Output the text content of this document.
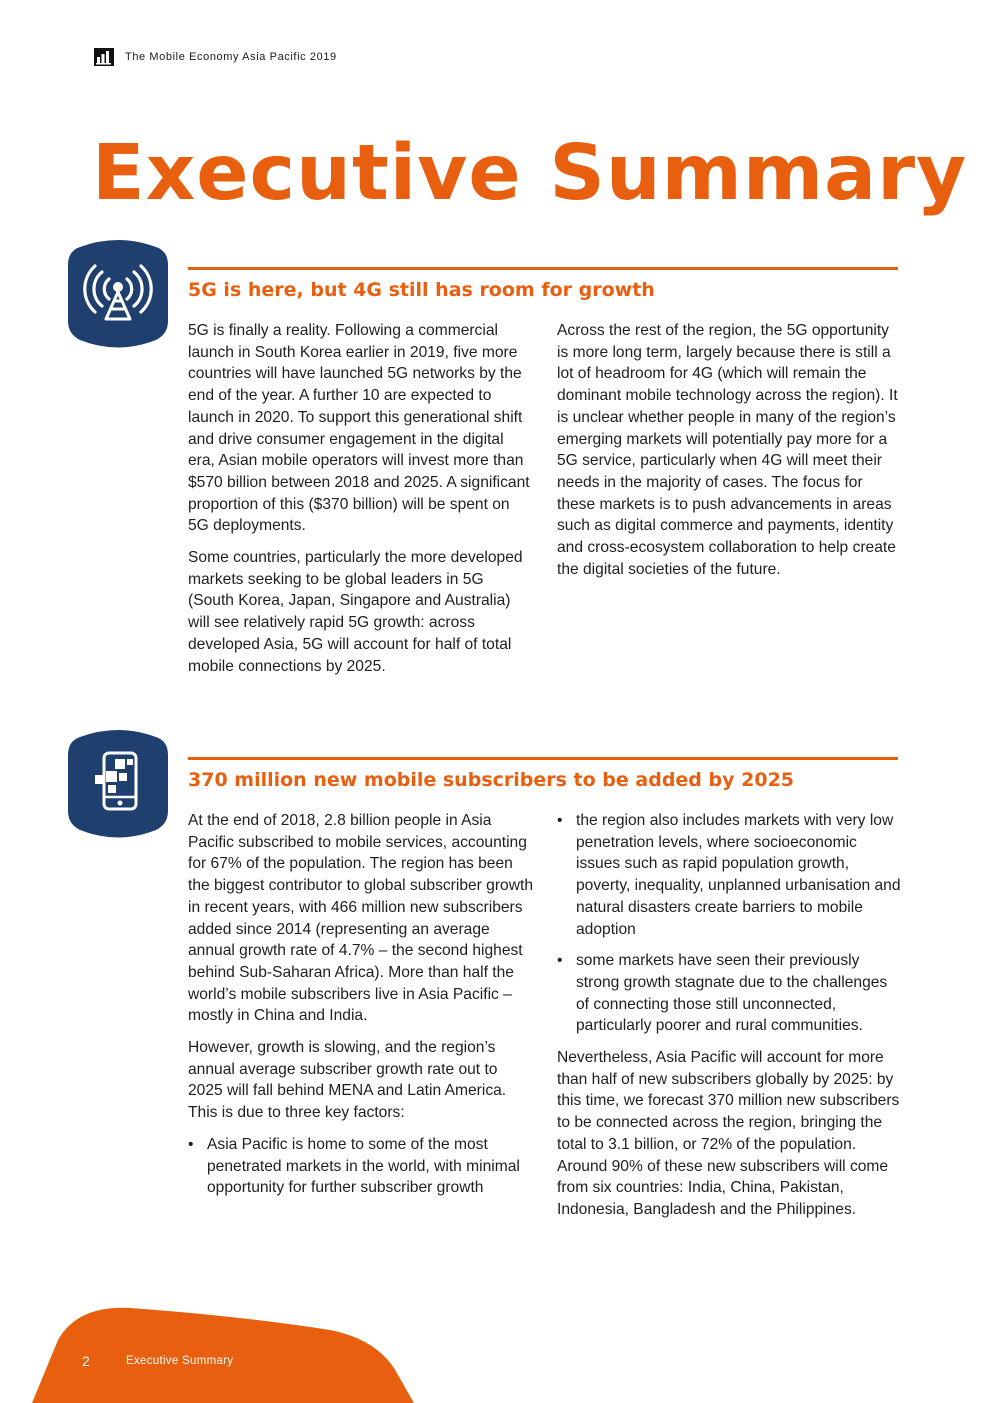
The Mobile Economy Asia Pacific 2019
Executive Summary
5G is here, but 4G still has room for growth

5G is finally a reality. Following a commercial launch in South Korea earlier in 2019, five more countries will have launched 5G networks by the end of the year. A further 10 are expected to launch in 2020. To support this generational shift and drive consumer engagement in the digital era, Asian mobile operators will invest more than $570 billion between 2018 and 2025. A significant proportion of this ($370 billion) will be spent on 5G deployments.

Some countries, particularly the more developed markets seeking to be global leaders in 5G (South Korea, Japan, Singapore and Australia) will see relatively rapid 5G growth: across developed Asia, 5G will account for half of total mobile connections by 2025.

Across the rest of the region, the 5G opportunity is more long term, largely because there is still a lot of headroom for 4G (which will remain the dominant mobile technology across the region). It is unclear whether people in many of the region’s emerging markets will potentially pay more for a 5G service, particularly when 4G will meet their needs in the majority of cases. The focus for these markets is to push advancements in areas such as digital commerce and payments, identity and cross-ecosystem collaboration to help create the digital societies of the future.

370 million new mobile subscribers to be added by 2025

At the end of 2018, 2.8 billion people in Asia Pacific subscribed to mobile services, accounting for 67% of the population. The region has been the biggest contributor to global subscriber growth in recent years, with 466 million new subscribers added since 2014 (representing an average annual growth rate of 4.7% – the second highest behind Sub-Saharan Africa). More than half the world’s mobile subscribers live in Asia Pacific – mostly in China and India.

However, growth is slowing, and the region’s annual average subscriber growth rate out to 2025 will fall behind MENA and Latin America. This is due to three key factors:

• Asia Pacific is home to some of the most penetrated markets in the world, with minimal opportunity for further subscriber growth
• the region also includes markets with very low penetration levels, where socioeconomic issues such as rapid population growth, poverty, inequality, unplanned urbanisation and natural disasters create barriers to mobile adoption
• some markets have seen their previously strong growth stagnate due to the challenges of connecting those still unconnected, particularly poorer and rural communities.

Nevertheless, Asia Pacific will account for more than half of new subscribers globally by 2025: by this time, we forecast 370 million new subscribers to be connected across the region, bringing the total to 3.1 billion, or 72% of the population. Around 90% of these new subscribers will come from six countries: India, China, Pakistan, Indonesia, Bangladesh and the Philippines.

2	Executive Summary
